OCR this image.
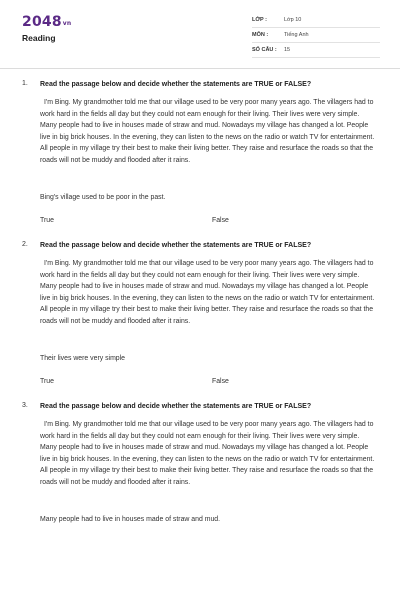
2048vn
Reading
LỚP :	Lớp 10
MÔN :	Tiếng Anh
SỐ CÂU :	15
1. Read the passage below and decide whether the statements are TRUE or FALSE?
I'm Bing. My grandmother told me that our village used to be very poor many years ago. The villagers had to work hard in the fields all day but they could not earn enough for their living. Their lives were very simple. Many people had to live in houses made of straw and mud. Nowadays my village has changed a lot. People live in big brick houses. In the evening, they can listen to the news on the radio or watch TV for entertainment. All people in my village try their best to make their living better. They raise and resurface the roads so that the roads will not be muddy and flooded after it rains.
Bing's village used to be poor in the past.
True	False
2. Read the passage below and decide whether the statements are TRUE or FALSE?
I'm Bing. My grandmother told me that our village used to be very poor many years ago. The villagers had to work hard in the fields all day but they could not earn enough for their living. Their lives were very simple. Many people had to live in houses made of straw and mud. Nowadays my village has changed a lot. People live in big brick houses. In the evening, they can listen to the news on the radio or watch TV for entertainment. All people in my village try their best to make their living better. They raise and resurface the roads so that the roads will not be muddy and flooded after it rains.
Their lives were very simple
True	False
3. Read the passage below and decide whether the statements are TRUE or FALSE?
I'm Bing. My grandmother told me that our village used to be very poor many years ago. The villagers had to work hard in the fields all day but they could not earn enough for their living. Their lives were very simple. Many people had to live in houses made of straw and mud. Nowadays my village has changed a lot. People live in big brick houses. In the evening, they can listen to the news on the radio or watch TV for entertainment. All people in my village try their best to make their living better. They raise and resurface the roads so that the roads will not be muddy and flooded after it rains.
Many people had to live in houses made of straw and mud.
